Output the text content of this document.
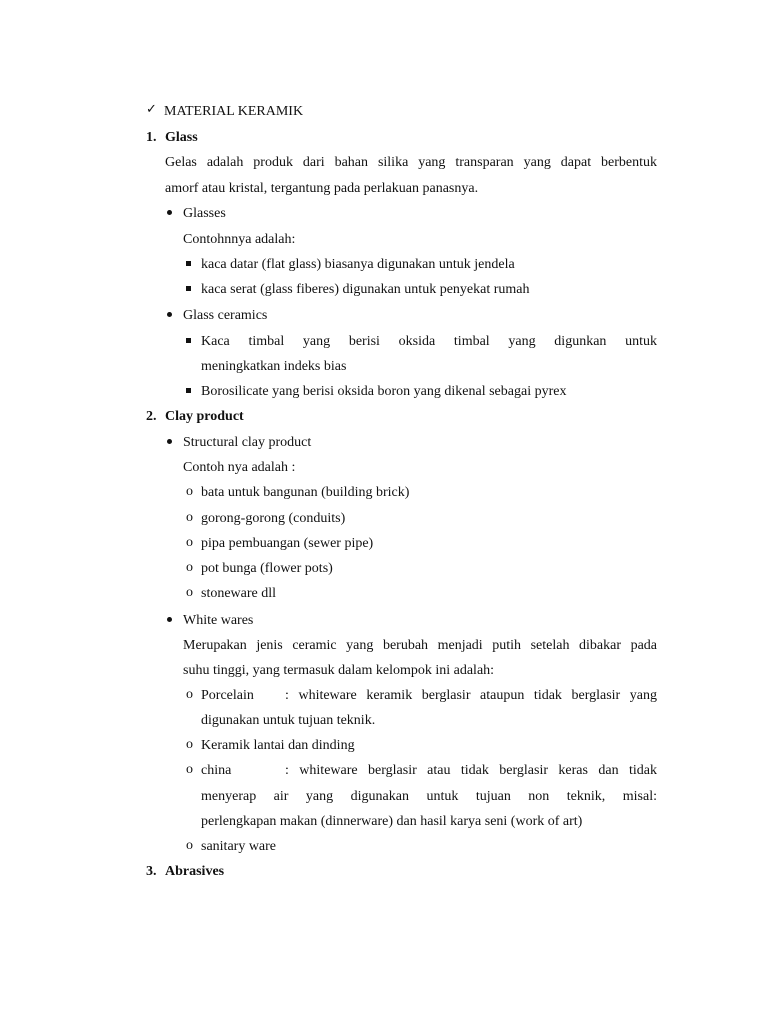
✓ MATERIAL KERAMIK
1. Glass
Gelas adalah produk dari bahan silika yang transparan yang dapat berbentuk
amorf atau kristal, tergantung pada perlakuan panasnya.
Glasses
Contohnnya adalah:
kaca datar (flat glass) biasanya digunakan untuk jendela
kaca serat (glass fiberes) digunakan untuk penyekat rumah
Glass ceramics
Kaca timbal yang berisi oksida timbal yang digunkan untuk
meningkatkan indeks bias
Borosilicate yang berisi oksida boron yang dikenal sebagai pyrex
2. Clay product
Structural clay product
Contoh nya adalah :
o bata untuk bangunan (building brick)
o gorong-gorong (conduits)
o pipa pembuangan (sewer pipe)
o pot bunga (flower pots)
o stoneware dll
White wares
Merupakan jenis ceramic yang berubah menjadi putih setelah dibakar pada
suhu tinggi, yang termasuk dalam kelompok ini adalah:
o Porcelain : whiteware keramik berglasir ataupun tidak berglasir yang
digunakan untuk tujuan teknik.
o Keramik lantai dan dinding
o china	: whiteware berglasir atau tidak berglasir keras dan tidak
menyerap air yang digunakan untuk tujuan non teknik, misal:
perlengkapan makan (dinnerware) dan hasil karya seni (work of art)
o sanitary ware
3. Abrasives
